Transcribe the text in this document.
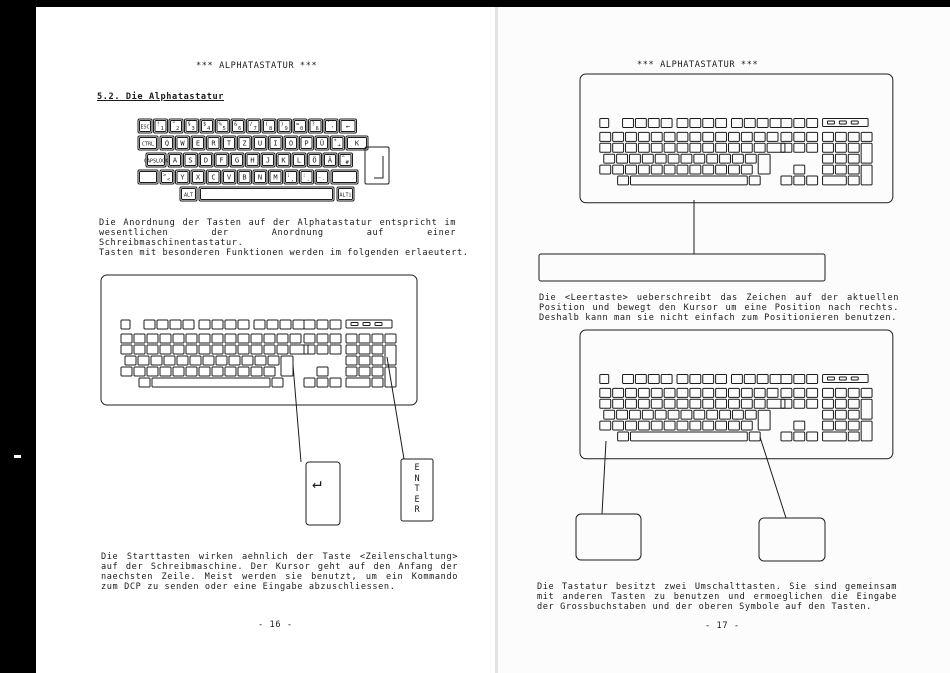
*** ALPHATASTATUR ***
5.2. Die Alphatastatur
ESC !
1
"
2
§
3
$
4
%
5
&
6
/
7
(
8
)
9
=
0
?
ß
`
' ←
CTRL Q W E R T Z U I O P Ü *
+ K
CAPSLOCK A S D F G H J K L Ö Ä ^
#
>
< Y X C V B N M ;
,
:
.
_
-
ALT	ALTi
Die Anordnung der Tasten auf der Alphatastatur entspricht im wesentlichen der Anordnung auf einer Schreibmaschinentastatur.
Tasten mit besonderen Funktionen werden im folgenden erlaeutert.
↵
E
N
T
E
R
Die Starttasten wirken aehnlich der Taste <Zeilenschaltung> auf der Schreibmaschine. Der Kursor geht auf den Anfang der naechsten Zeile. Meist werden sie benutzt, um ein Kommando zum DCP zu senden oder eine Eingabe abzuschliessen.
- 16 -
*** ALPHATASTATUR ***
Die <Leertaste> ueberschreibt das Zeichen auf der aktuellen Position und bewegt den Kursor um eine Position nach rechts. Deshalb kann man sie nicht einfach zum Positionieren benutzen.
Die Tastatur besitzt zwei Umschalttasten. Sie sind gemeinsam mit anderen Tasten zu benutzen und ermoeglichen die Eingabe der Grossbuchstaben und der oberen Symbole auf den Tasten.
- 17 -
